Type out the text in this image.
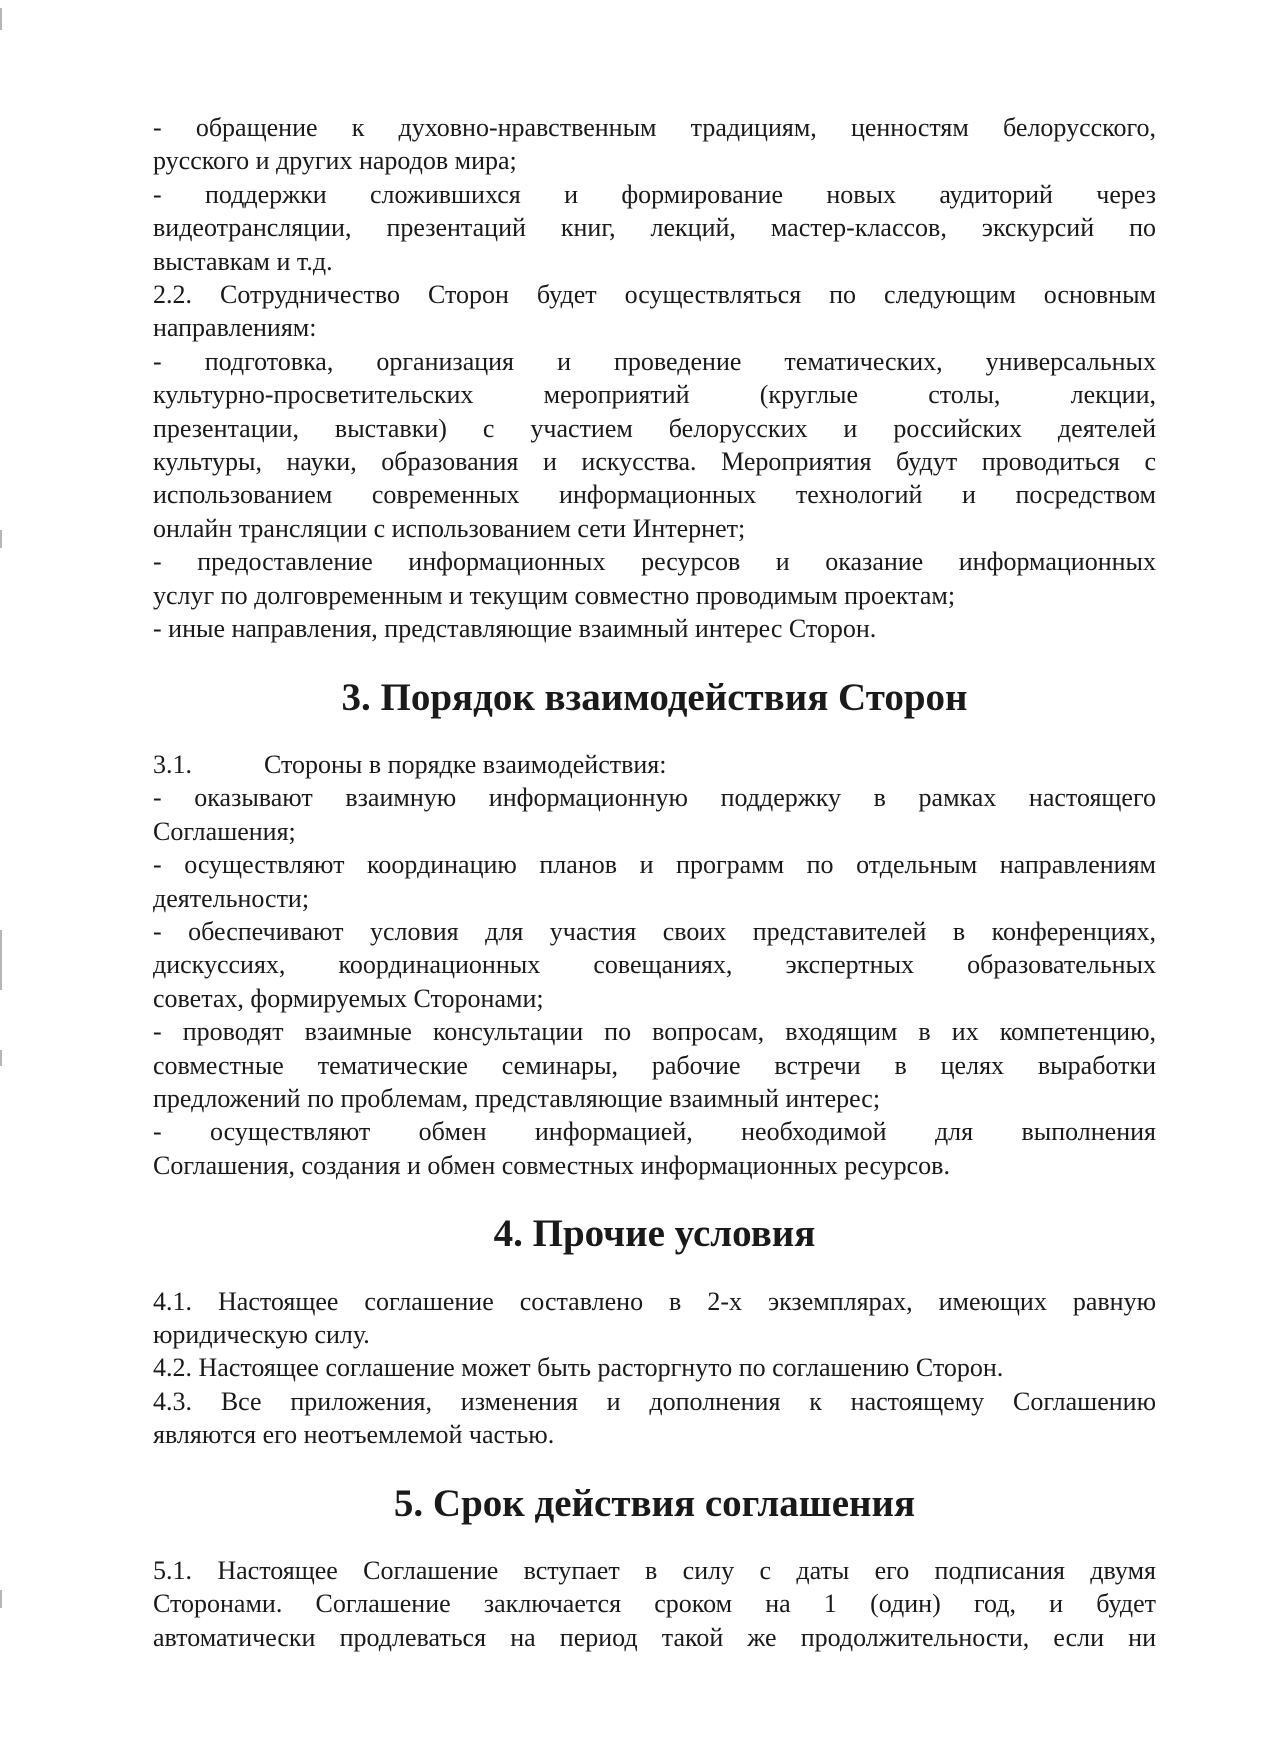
- обращение к духовно-нравственным традициям, ценностям белорусского,

русского и других народов мира;

- поддержки сложившихся и формирование новых аудиторий через

видеотрансляции, презентаций книг, лекций, мастер-классов, экскурсий по

выставкам и т.д.

2.2. Сотрудничество Сторон будет осуществляться по следующим основным

направлениям:

- подготовка, организация и проведение тематических, универсальных

культурно-просветительских мероприятий (круглые столы, лекции,

презентации, выставки) с участием белорусских и российских деятелей

культуры, науки, образования и искусства. Мероприятия будут проводиться с

использованием современных информационных технологий и посредством

онлайн трансляции с использованием сети Интернет;

- предоставление информационных ресурсов и оказание информационных

услуг по долговременным и текущим совместно проводимым проектам;

- иные направления, представляющие взаимный интерес Сторон.

3. Порядок взаимодействия Сторон

3.1.	Стороны в порядке взаимодействия:

- оказывают взаимную информационную поддержку в рамках настоящего

Соглашения;

- осуществляют координацию планов и программ по отдельным направлениям

деятельности;

- обеспечивают условия для участия своих представителей в конференциях,

дискуссиях, координационных совещаниях, экспертных образовательных

советах, формируемых Сторонами;

- проводят взаимные консультации по вопросам, входящим в их компетенцию,

совместные тематические семинары, рабочие встречи в целях выработки

предложений по проблемам, представляющие взаимный интерес;

- осуществляют обмен информацией, необходимой для выполнения

Соглашения, создания и обмен совместных информационных ресурсов.

4. Прочие условия

4.1. Настоящее соглашение составлено в 2-х экземплярах, имеющих равную

юридическую силу.

4.2. Настоящее соглашение может быть расторгнуто по соглашению Сторон.

4.3. Все приложения, изменения и дополнения к настоящему Соглашению

являются его неотъемлемой частью.

5. Срок действия соглашения

5.1. Настоящее Соглашение вступает в силу с даты его подписания двумя

Сторонами. Соглашение заключается сроком на 1 (один) год, и будет

автоматически продлеваться на период такой же продолжительности, если ни
